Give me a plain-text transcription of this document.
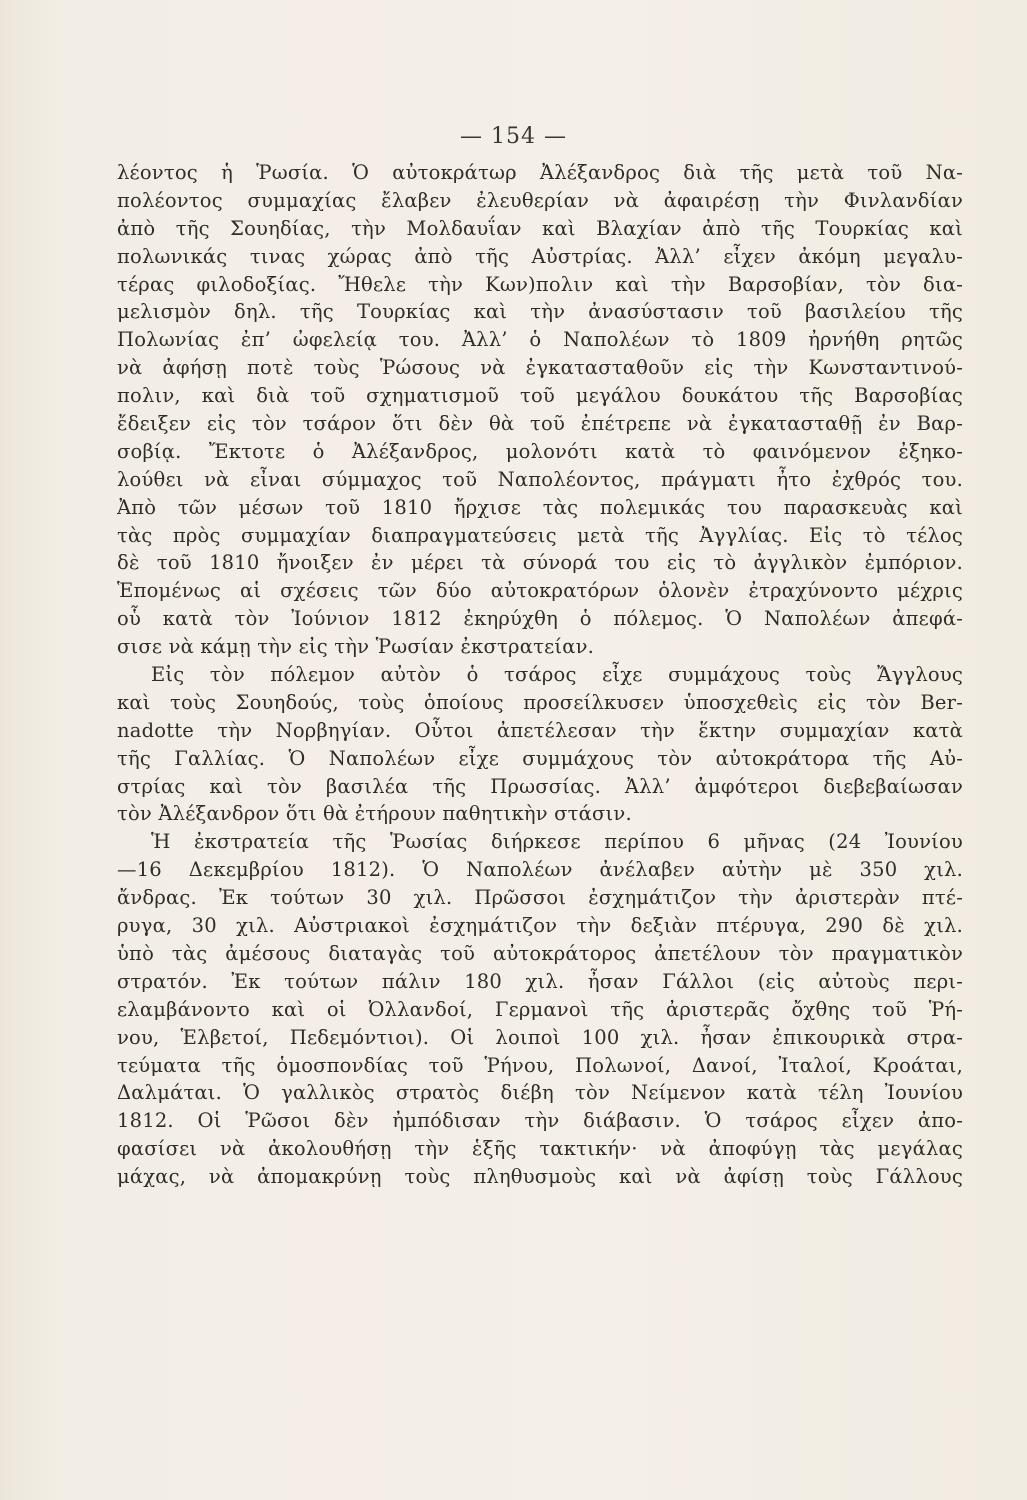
— 154 —
λέοντος ἡ Ῥωσία. Ὁ αὐτοκράτωρ Ἀλέξανδρος διὰ τῆς μετὰ τοῦ Να-
πολέοντος συμμαχίας ἔλαβεν ἐλευθερίαν νὰ ἀφαιρέσῃ τὴν Φινλανδίαν
ἀπὸ τῆς Σουηδίας, τὴν Μολδαυΐαν καὶ Βλαχίαν ἀπὸ τῆς Τουρκίας καὶ
πολωνικάς τινας χώρας ἀπὸ τῆς Αὐστρίας. Ἀλλ’ εἶχεν ἀκόμη μεγαλυ-
τέρας φιλοδοξίας. Ἤθελε τὴν Κων)πολιν καὶ τὴν Βαρσοβίαν, τὸν δια-
μελισμὸν δηλ. τῆς Τουρκίας καὶ τὴν ἀνασύστασιν τοῦ βασιλείου τῆς
Πολωνίας ἐπ’ ὠφελείᾳ του. Ἀλλ’ ὁ Ναπολέων τὸ 1809 ἠρνήθη ρητῶς
νὰ ἀφήσῃ ποτὲ τοὺς Ῥώσους νὰ ἐγκατασταθοῦν εἰς τὴν Κωνσταντινού-
πολιν, καὶ διὰ τοῦ σχηματισμοῦ τοῦ μεγάλου δουκάτου τῆς Βαρσοβίας
ἔδειξεν εἰς τὸν τσάρον ὅτι δὲν θὰ τοῦ ἐπέτρεπε νὰ ἐγκατασταθῇ ἐν Βαρ-
σοβίᾳ. Ἔκτοτε ὁ Ἀλέξανδρος, μολονότι κατὰ τὸ φαινόμενον ἐξηκο-
λούθει νὰ εἶναι σύμμαχος τοῦ Ναπολέοντος, πράγματι ἦτο ἐχθρός του.
Ἀπὸ τῶν μέσων τοῦ 1810 ἤρχισε τὰς πολεμικάς του παρασκευὰς καὶ
τὰς πρὸς συμμαχίαν διαπραγματεύσεις μετὰ τῆς Ἀγγλίας. Εἰς τὸ τέλος
δὲ τοῦ 1810 ἤνοιξεν ἐν μέρει τὰ σύνορά του εἰς τὸ ἀγγλικὸν ἐμπόριον.
Ἑπομένως αἱ σχέσεις τῶν δύο αὐτοκρατόρων ὁλονὲν ἐτραχύνοντο μέχρις
οὗ κατὰ τὸν Ἰούνιον 1812 ἐκηρύχθη ὁ πόλεμος. Ὁ Ναπολέων ἀπεφά-
σισε νὰ κάμῃ τὴν εἰς τὴν Ῥωσίαν ἐκστρατείαν.
Εἰς τὸν πόλεμον αὐτὸν ὁ τσάρος εἶχε συμμάχους τοὺς Ἄγγλους
καὶ τοὺς Σουηδούς, τοὺς ὁποίους προσείλκυσεν ὑποσχεθεὶς εἰς τὸν Ber-
nadotte τὴν Νορβηγίαν. Οὗτοι ἀπετέλεσαν τὴν ἕκτην συμμαχίαν κατὰ
τῆς Γαλλίας. Ὁ Ναπολέων εἶχε συμμάχους τὸν αὐτοκράτορα τῆς Αὐ-
στρίας καὶ τὸν βασιλέα τῆς Πρωσσίας. Ἀλλ’ ἀμφότεροι διεβεβαίωσαν
τὸν Ἀλέξανδρον ὅτι θὰ ἐτήρουν παθητικὴν στάσιν.
Ἡ ἐκστρατεία τῆς Ῥωσίας διήρκεσε περίπου 6 μῆνας (24 Ἰουνίου
—16 Δεκεμβρίου 1812). Ὁ Ναπολέων ἀνέλαβεν αὐτὴν μὲ 350 χιλ.
ἄνδρας. Ἐκ τούτων 30 χιλ. Πρῶσσοι ἐσχημάτιζον τὴν ἀριστερὰν πτέ-
ρυγα, 30 χιλ. Αὐστριακοὶ ἐσχημάτιζον τὴν δεξιὰν πτέρυγα, 290 δὲ χιλ.
ὑπὸ τὰς ἀμέσους διαταγὰς τοῦ αὐτοκράτορος ἀπετέλουν τὸν πραγματικὸν
στρατόν. Ἐκ τούτων πάλιν 180 χιλ. ἦσαν Γάλλοι (εἰς αὐτοὺς περι-
ελαμβάνοντο καὶ οἱ Ὀλλανδοί, Γερμανοὶ τῆς ἀριστερᾶς ὄχθης τοῦ Ῥή-
νου, Ἑλβετοί, Πεδεμόντιοι). Οἱ λοιποὶ 100 χιλ. ἦσαν ἐπικουρικὰ στρα-
τεύματα τῆς ὁμοσπονδίας τοῦ Ῥήνου, Πολωνοί, Δανοί, Ἰταλοί, Κροάται,
Δαλμάται. Ὁ γαλλικὸς στρατὸς διέβη τὸν Νείμενον κατὰ τέλη Ἰουνίου
1812. Οἱ Ῥῶσοι δὲν ἠμπόδισαν τὴν διάβασιν. Ὁ τσάρος εἶχεν ἀπο-
φασίσει νὰ ἀκολουθήσῃ τὴν ἑξῆς τακτικήν· νὰ ἀποφύγῃ τὰς μεγάλας
μάχας, νὰ ἀπομακρύνῃ τοὺς πληθυσμοὺς καὶ νὰ ἀφίσῃ τοὺς Γάλλους
